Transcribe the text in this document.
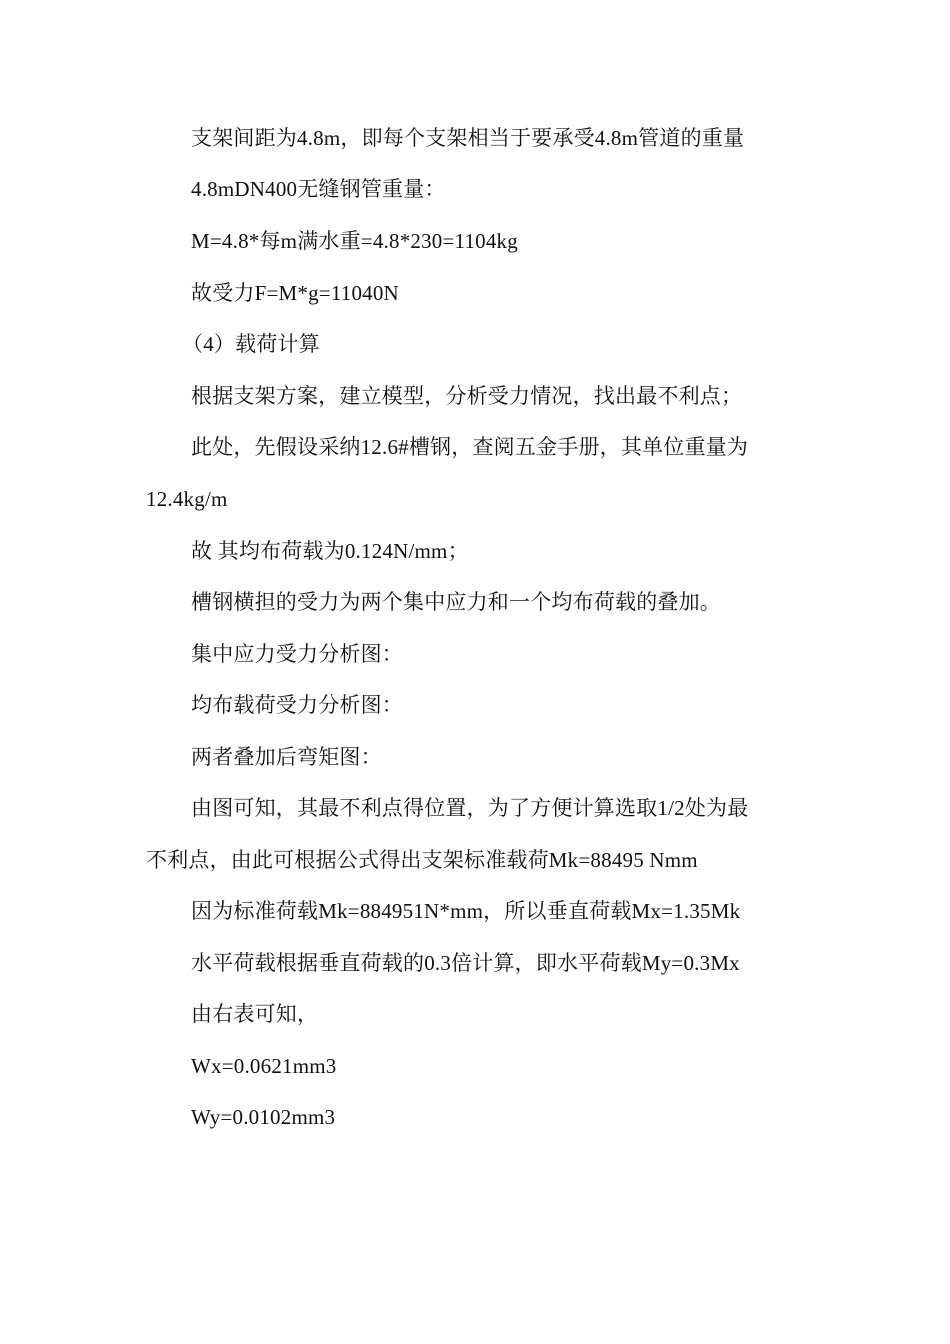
支架间距为4.8m，即每个支架相当于要承受4.8m管道的重量
4.8mDN400无缝钢管重量：
M=4.8*每m满水重=4.8*230=1104kg
故受力F=M*g=11040N
（4）载荷计算
根据支架方案，建立模型，分析受力情况，找出最不利点；
此处，先假设采纳12.6#槽钢，查阅五金手册，其单位重量为
12.4kg/m
故 其均布荷载为0.124N/mm；
槽钢横担的受力为两个集中应力和一个均布荷载的叠加。
集中应力受力分析图：
均布载荷受力分析图：
两者叠加后弯矩图：
由图可知，其最不利点得位置，为了方便计算选取1/2处为最
不利点，由此可根据公式得出支架标准载荷Mk=88495 Nmm
因为标准荷载Mk=884951N*mm，所以垂直荷载Mx=1.35Mk
水平荷载根据垂直荷载的0.3倍计算，即水平荷载My=0.3Mx
由右表可知，
Wx=0.0621mm3
Wy=0.0102mm3
